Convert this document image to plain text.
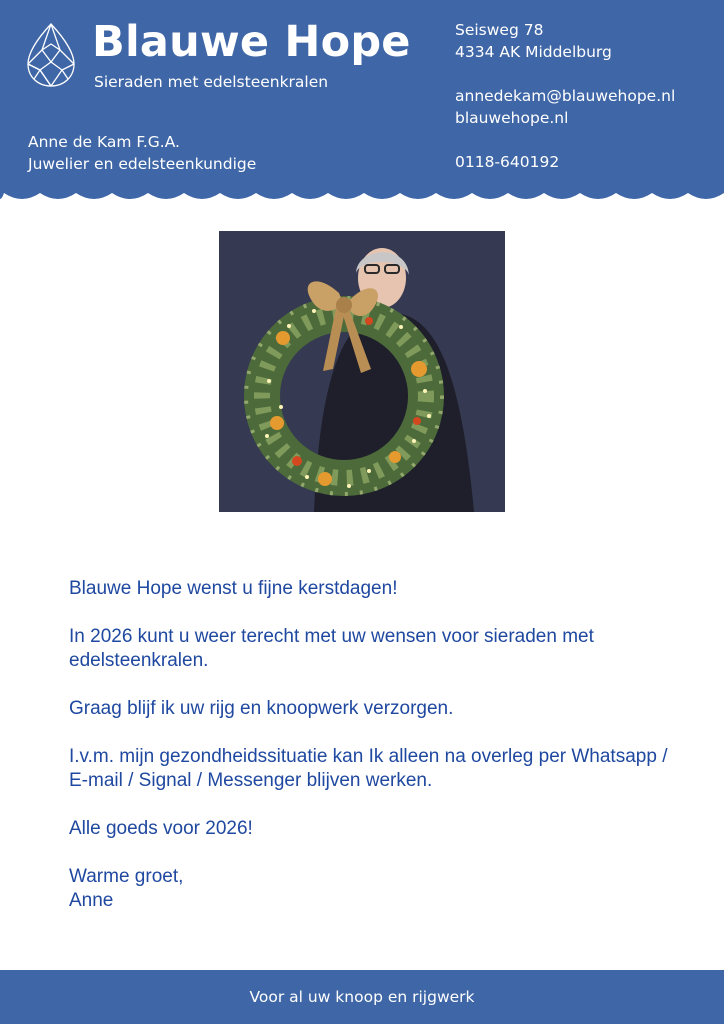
Blauwe Hope
Sieraden met edelsteenkralen
Anne de Kam F.G.A.
Juwelier en edelsteenkundige
Seisweg 78
4334 AK Middelburg
annedekam@blauwehope.nl
blauwehope.nl
0118-640192

Blauwe Hope wenst u fijne kerstdagen!

In 2026 kunt u weer terecht met uw wensen voor sieraden met edelsteenkralen.

Graag blijf ik uw rijg en knoopwerk verzorgen.

I.v.m. mijn gezondheidssituatie kan Ik alleen na overleg per Whatsapp / E-mail / Signal / Messenger blijven werken.

Alle goeds voor 2026!

Warme groet,

Anne

Voor al uw knoop en rijgwerk
